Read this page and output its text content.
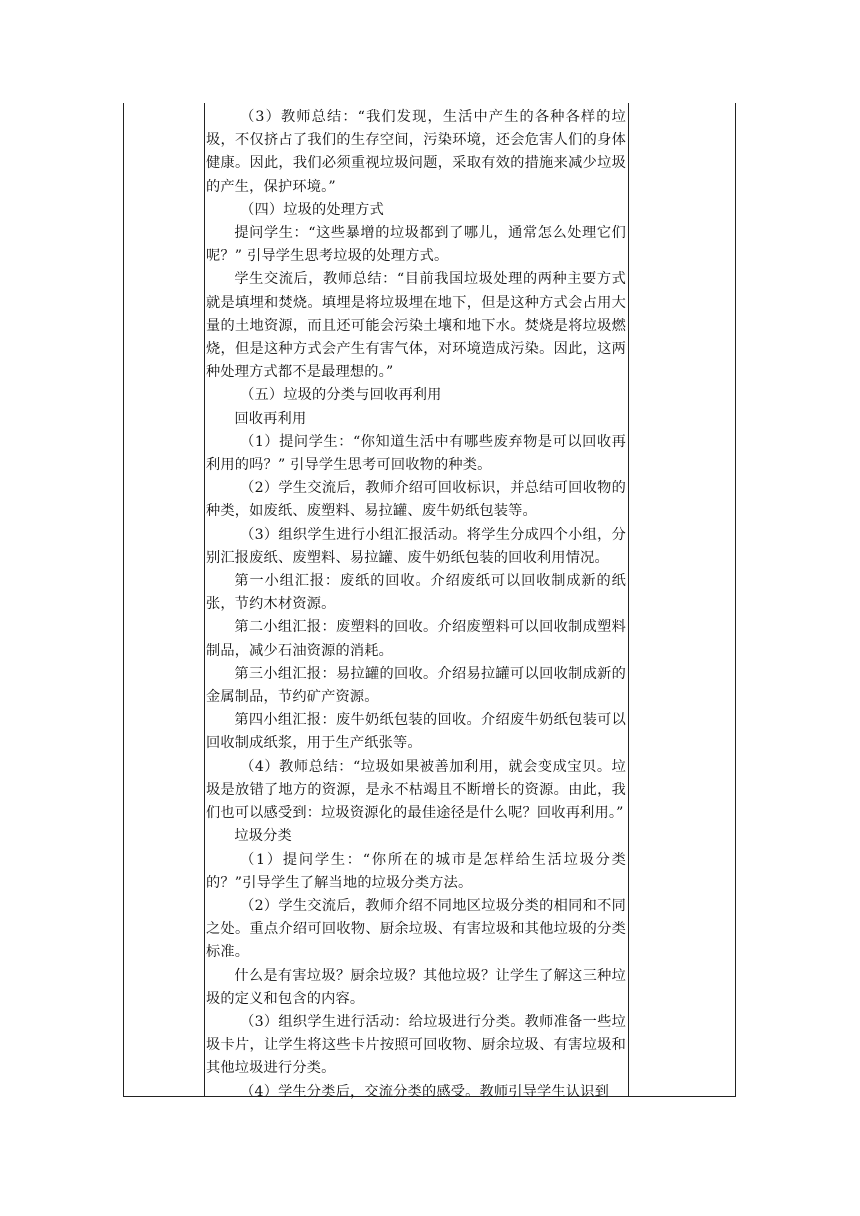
（3）教师总结：“我们发现，生活中产生的各种各样的垃圾，不仅挤占了我们的生存空间，污染环境，还会危害人们的身体健康。因此，我们必须重视垃圾问题，采取有效的措施来减少垃圾的产生，保护环境。”

（四）垃圾的处理方式

提问学生：“这些暴增的垃圾都到了哪儿，通常怎么处理它们呢？” 引导学生思考垃圾的处理方式。

学生交流后，教师总结：“目前我国垃圾处理的两种主要方式就是填埋和焚烧。填埋是将垃圾埋在地下，但是这种方式会占用大量的土地资源，而且还可能会污染土壤和地下水。焚烧是将垃圾燃烧，但是这种方式会产生有害气体，对环境造成污染。因此，这两种处理方式都不是最理想的。”

（五）垃圾的分类与回收再利用

回收再利用

（1）提问学生：“你知道生活中有哪些废弃物是可以回收再利用的吗？” 引导学生思考可回收物的种类。

（2）学生交流后，教师介绍可回收标识，并总结可回收物的种类，如废纸、废塑料、易拉罐、废牛奶纸包装等。

（3）组织学生进行小组汇报活动。将学生分成四个小组，分别汇报废纸、废塑料、易拉罐、废牛奶纸包装的回收利用情况。

第一小组汇报：废纸的回收。介绍废纸可以回收制成新的纸张，节约木材资源。

第二小组汇报：废塑料的回收。介绍废塑料可以回收制成塑料制品，减少石油资源的消耗。

第三小组汇报：易拉罐的回收。介绍易拉罐可以回收制成新的金属制品，节约矿产资源。

第四小组汇报：废牛奶纸包装的回收。介绍废牛奶纸包装可以回收制成纸浆，用于生产纸张等。

（4）教师总结：“垃圾如果被善加利用，就会变成宝贝。垃圾是放错了地方的资源，是永不枯竭且不断增长的资源。由此，我们也可以感受到：垃圾资源化的最佳途径是什么呢？回收再利用。”

垃圾分类

（1）提问学生：“你所在的城市是怎样给生活垃圾分类的？”引导学生了解当地的垃圾分类方法。

（2）学生交流后，教师介绍不同地区垃圾分类的相同和不同之处。重点介绍可回收物、厨余垃圾、有害垃圾和其他垃圾的分类标准。

什么是有害垃圾？厨余垃圾？其他垃圾？让学生了解这三种垃圾的定义和包含的内容。

（3）组织学生进行活动：给垃圾进行分类。教师准备一些垃圾卡片，让学生将这些卡片按照可回收物、厨余垃圾、有害垃圾和其他垃圾进行分类。

（4）学生分类后，交流分类的感受。教师引导学生认识到
